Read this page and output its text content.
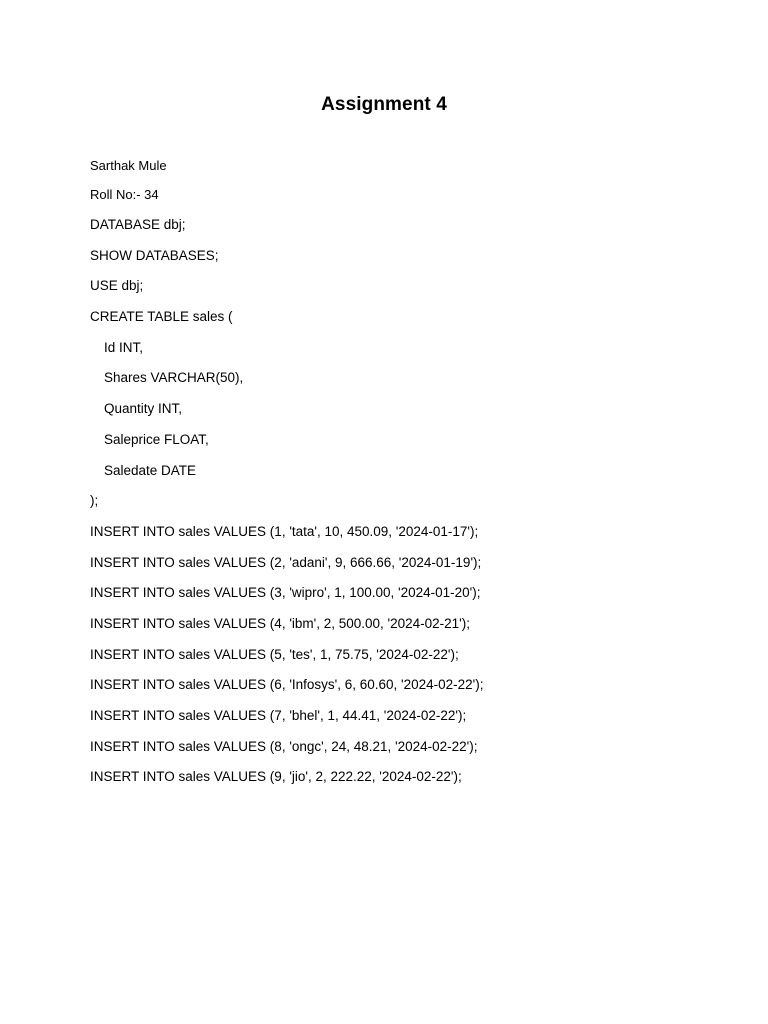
Assignment 4

Sarthak Mule

Roll No:- 34

DATABASE dbj;

SHOW DATABASES;

USE dbj;

CREATE TABLE sales (

Id INT,

Shares VARCHAR(50),

Quantity INT,

Saleprice FLOAT,

Saledate DATE

);

INSERT INTO sales VALUES (1, 'tata', 10, 450.09, '2024-01-17');

INSERT INTO sales VALUES (2, 'adani', 9, 666.66, '2024-01-19');

INSERT INTO sales VALUES (3, 'wipro', 1, 100.00, '2024-01-20');

INSERT INTO sales VALUES (4, 'ibm', 2, 500.00, '2024-02-21');

INSERT INTO sales VALUES (5, 'tes', 1, 75.75, '2024-02-22');

INSERT INTO sales VALUES (6, 'Infosys', 6, 60.60, '2024-02-22');

INSERT INTO sales VALUES (7, 'bhel', 1, 44.41, '2024-02-22');

INSERT INTO sales VALUES (8, 'ongc', 24, 48.21, '2024-02-22');

INSERT INTO sales VALUES (9, 'jio', 2, 222.22, '2024-02-22');
